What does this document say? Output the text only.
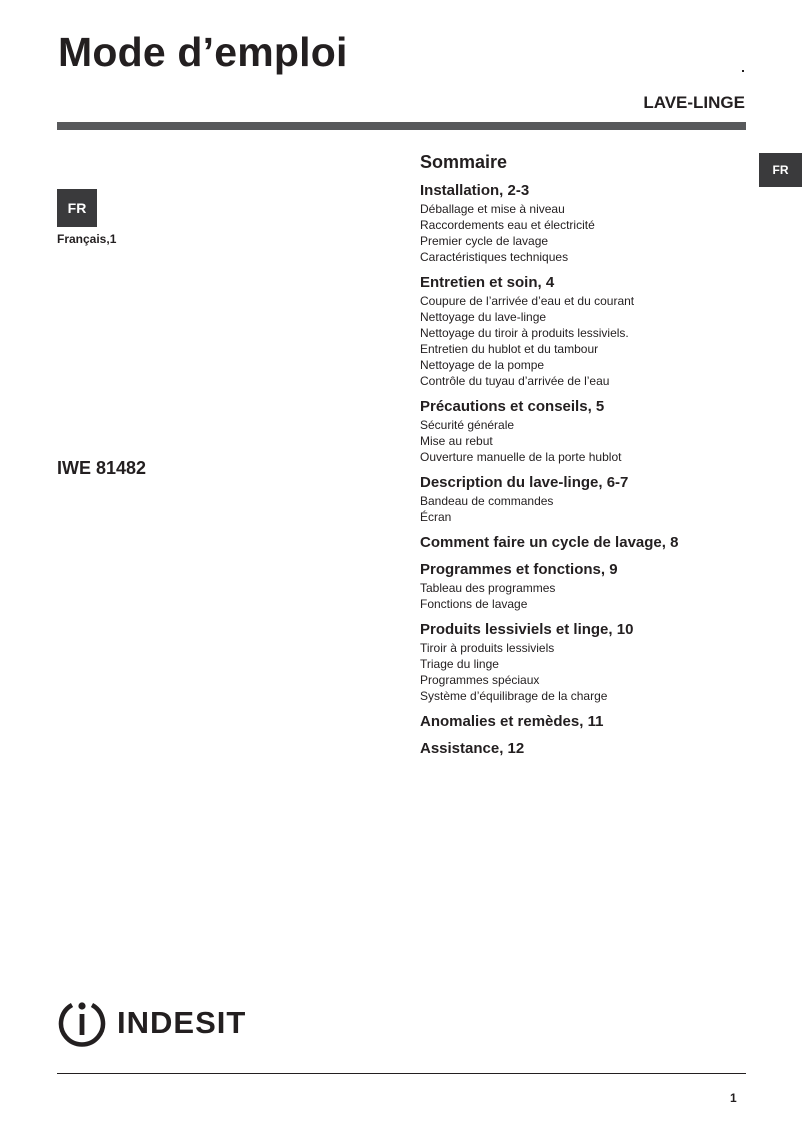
Mode d’emploi
LAVE-LINGE
FR
Français,1
IWE 81482
FR
Sommaire
Installation, 2-3
Déballage et mise à niveau
Raccordements eau et électricité
Premier cycle de lavage
Caractéristiques techniques
Entretien et soin, 4
Coupure de l’arrivée d’eau et du courant
Nettoyage du lave-linge
Nettoyage du tiroir à produits lessiviels.
Entretien du hublot et du tambour
Nettoyage de la pompe
Contrôle du tuyau d’arrivée de l’eau
Précautions et conseils, 5
Sécurité générale
Mise au rebut
Ouverture manuelle de la porte hublot
Description du lave-linge, 6-7
Bandeau de commandes
Écran
Comment faire un cycle de lavage, 8
Programmes et fonctions, 9
Tableau des programmes
Fonctions de lavage
Produits lessiviels et linge, 10
Tiroir à produits lessiviels
Triage du linge
Programmes spéciaux
Système d’équilibrage de la charge
Anomalies et remèdes, 11
Assistance, 12
INDESIT
1
